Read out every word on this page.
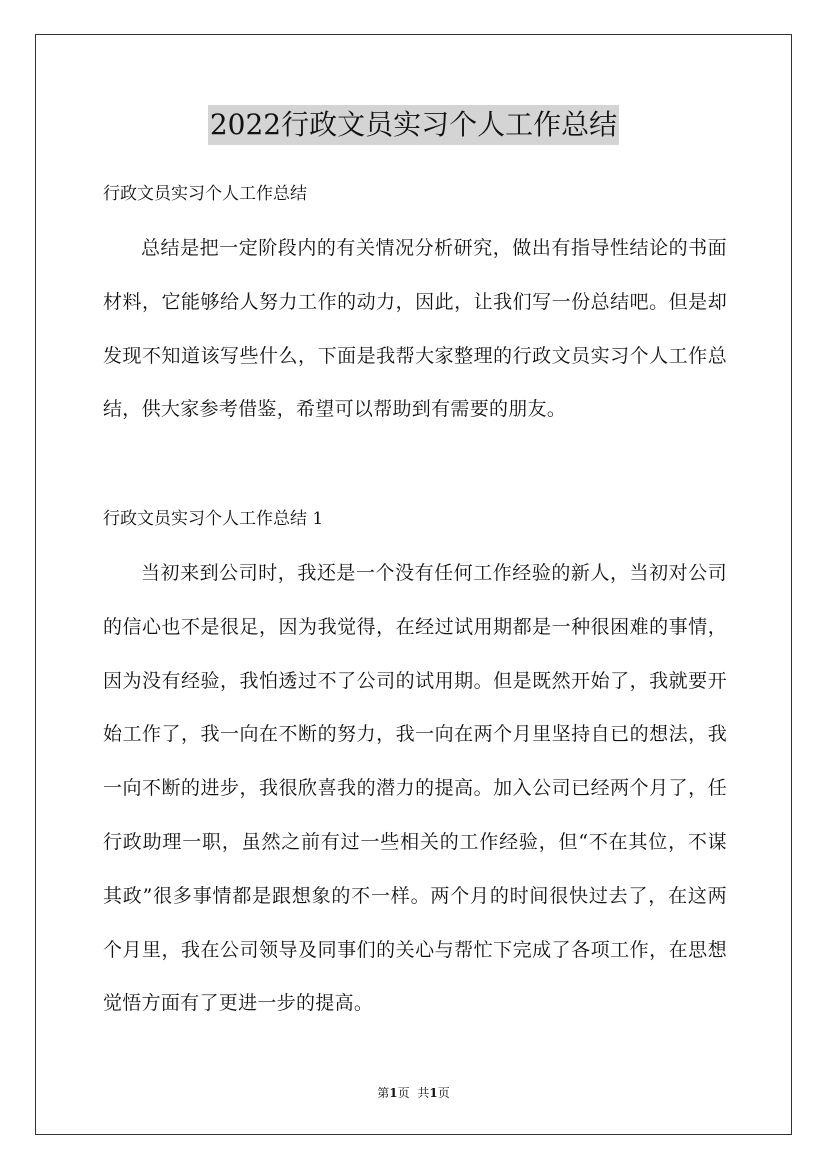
2022行政文员实习个人工作总结
行政文员实习个人工作总结

总结是把一定阶段内的有关情况分析研究，做出有指导性结论的书面材料，它能够给人努力工作的动力，因此，让我们写一份总结吧。但是却发现不知道该写些什么，下面是我帮大家整理的行政文员实习个人工作总结，供大家参考借鉴，希望可以帮助到有需要的朋友。

行政文员实习个人工作总结 1

当初来到公司时，我还是一个没有任何工作经验的新人，当初对公司的信心也不是很足，因为我觉得，在经过试用期都是一种很困难的事情，因为没有经验，我怕透过不了公司的试用期。但是既然开始了，我就要开始工作了，我一向在不断的努力，我一向在两个月里坚持自已的想法，我一向不断的进步，我很欣喜我的潜力的提高。加入公司已经两个月了，任行政助理一职，虽然之前有过一些相关的工作经验，但“不在其位，不谋其政”很多事情都是跟想象的不一样。两个月的时间很快过去了，在这两个月里，我在公司领导及同事们的关心与帮忙下完成了各项工作，在思想觉悟方面有了更进一步的提高。

第1页 共1页
